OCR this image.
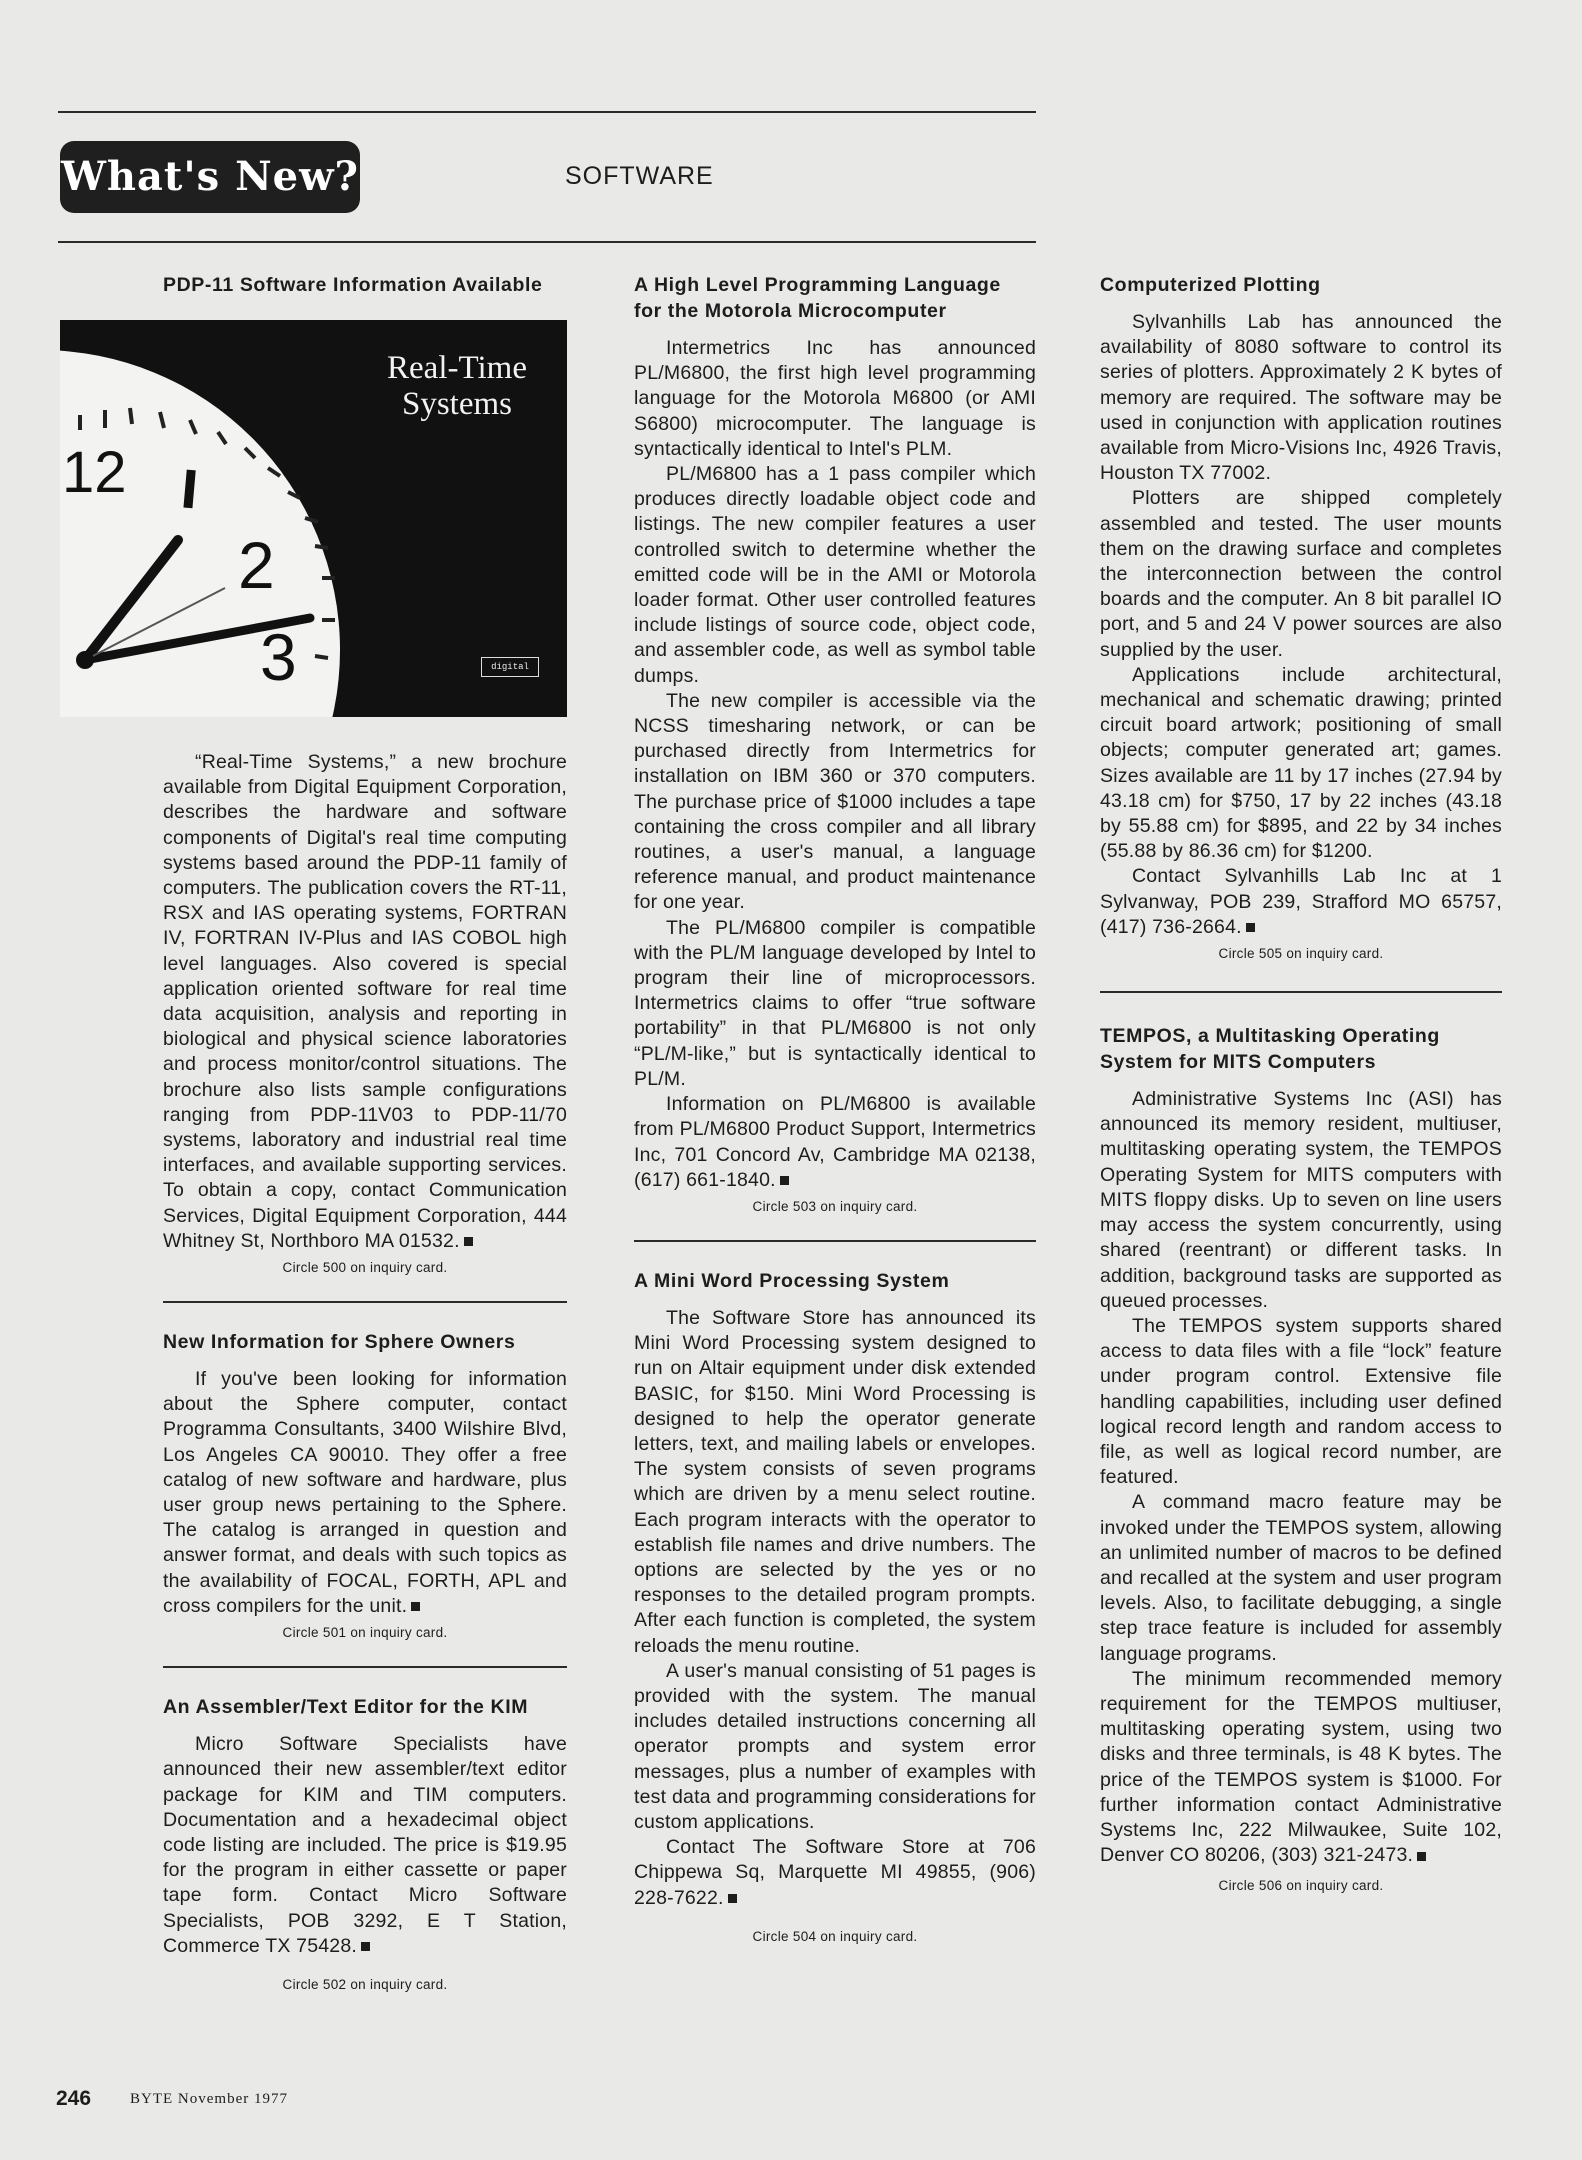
What's New?	SOFTWARE
PDP-11 Software Information Available
12
2
3
Real-Time
Systems
digital

“Real-Time Systems,” a new brochure available from Digital Equipment Corporation, describes the hardware and software components of Digital's real time computing systems based around the PDP-11 family of computers. The publication covers the RT-11, RSX and IAS operating systems, FORTRAN IV, FORTRAN IV-Plus and IAS COBOL high level languages. Also covered is special application oriented software for real time data acquisition, analysis and reporting in biological and physical science laboratories and process monitor/control situations. The brochure also lists sample configurations ranging from PDP-11V03 to PDP-11/70 systems, laboratory and industrial real time interfaces, and available supporting services. To obtain a copy, contact Communication Services, Digital Equipment Corporation, 444 Whitney St, Northboro MA 01532.

Circle 500 on inquiry card.
New Information for Sphere Owners

If you've been looking for information about the Sphere computer, contact Programma Consultants, 3400 Wilshire Blvd, Los Angeles CA 90010. They offer a free catalog of new software and hardware, plus user group news pertaining to the Sphere. The catalog is arranged in question and answer format, and deals with such topics as the availability of FOCAL, FORTH, APL and cross compilers for the unit.

Circle 501 on inquiry card.
An Assembler/Text Editor for the KIM

Micro Software Specialists have announced their new assembler/text editor package for KIM and TIM computers. Documentation and a hexadecimal object code listing are included. The price is $19.95 for the program in either cassette or paper tape form. Contact Micro Software Specialists, POB 3292, E T Station, Commerce TX 75428.

Circle 502 on inquiry card.
A High Level Programming Language
for the Motorola Microcomputer

Intermetrics Inc has announced PL/M6800, the first high level programming language for the Motorola M6800 (or AMI S6800) microcomputer. The language is syntactically identical to Intel's PLM.

PL/M6800 has a 1 pass compiler which produces directly loadable object code and listings. The new compiler features a user controlled switch to determine whether the emitted code will be in the AMI or Motorola loader format. Other user controlled features include listings of source code, object code, and assembler code, as well as symbol table dumps.

The new compiler is accessible via the NCSS timesharing network, or can be purchased directly from Intermetrics for installation on IBM 360 or 370 computers. The purchase price of $1000 includes a tape containing the cross compiler and all library routines, a user's manual, a language reference manual, and product maintenance for one year.

The PL/M6800 compiler is compatible with the PL/M language developed by Intel to program their line of microprocessors. Intermetrics claims to offer “true software portability” in that PL/M6800 is not only “PL/M-like,” but is syntactically identical to PL/M.

Information on PL/M6800 is available from PL/M6800 Product Support, Intermetrics Inc, 701 Concord Av, Cambridge MA 02138, (617) 661-1840.

Circle 503 on inquiry card.
A Mini Word Processing System

The Software Store has announced its Mini Word Processing system designed to run on Altair equipment under disk extended BASIC, for $150. Mini Word Processing is designed to help the operator generate letters, text, and mailing labels or envelopes. The system consists of seven programs which are driven by a menu select routine. Each program interacts with the operator to establish file names and drive numbers. The options are selected by the yes or no responses to the detailed program prompts. After each function is completed, the system reloads the menu routine.

A user's manual consisting of 51 pages is provided with the system. The manual includes detailed instructions concerning all operator prompts and system error messages, plus a number of examples with test data and programming considerations for custom applications.

Contact The Software Store at 706 Chippewa Sq, Marquette MI 49855, (906) 228-7622.

Circle 504 on inquiry card.
Computerized Plotting

Sylvanhills Lab has announced the availability of 8080 software to control its series of plotters. Approximately 2 K bytes of memory are required. The software may be used in conjunction with application routines available from Micro-Visions Inc, 4926 Travis, Houston TX 77002.

Plotters are shipped completely assembled and tested. The user mounts them on the drawing surface and completes the interconnection between the control boards and the computer. An 8 bit parallel IO port, and 5 and 24 V power sources are also supplied by the user.

Applications include architectural, mechanical and schematic drawing; printed circuit board artwork; positioning of small objects; computer generated art; games. Sizes available are 11 by 17 inches (27.94 by 43.18 cm) for $750, 17 by 22 inches (43.18 by 55.88 cm) for $895, and 22 by 34 inches (55.88 by 86.36 cm) for $1200.

Contact Sylvanhills Lab Inc at 1 Sylvanway, POB 239, Strafford MO 65757, (417) 736-2664.

Circle 505 on inquiry card.
TEMPOS, a Multitasking Operating
System for MITS Computers

Administrative Systems Inc (ASI) has announced its memory resident, multiuser, multitasking operating system, the TEMPOS Operating System for MITS computers with MITS floppy disks. Up to seven on line users may access the system concurrently, using shared (reentrant) or different tasks. In addition, background tasks are supported as queued processes.

The TEMPOS system supports shared access to data files with a file “lock” feature under program control. Extensive file handling capabilities, including user defined logical record length and random access to file, as well as logical record number, are featured.

A command macro feature may be invoked under the TEMPOS system, allowing an unlimited number of macros to be defined and recalled at the system and user program levels. Also, to facilitate debugging, a single step trace feature is included for assembly language programs.

The minimum recommended memory requirement for the TEMPOS multiuser, multitasking operating system, using two disks and three terminals, is 48 K bytes. The price of the TEMPOS system is $1000. For further information contact Administrative Systems Inc, 222 Milwaukee, Suite 102, Denver CO 80206, (303) 321-2473.

Circle 506 on inquiry card.
246	BYTE November 1977
